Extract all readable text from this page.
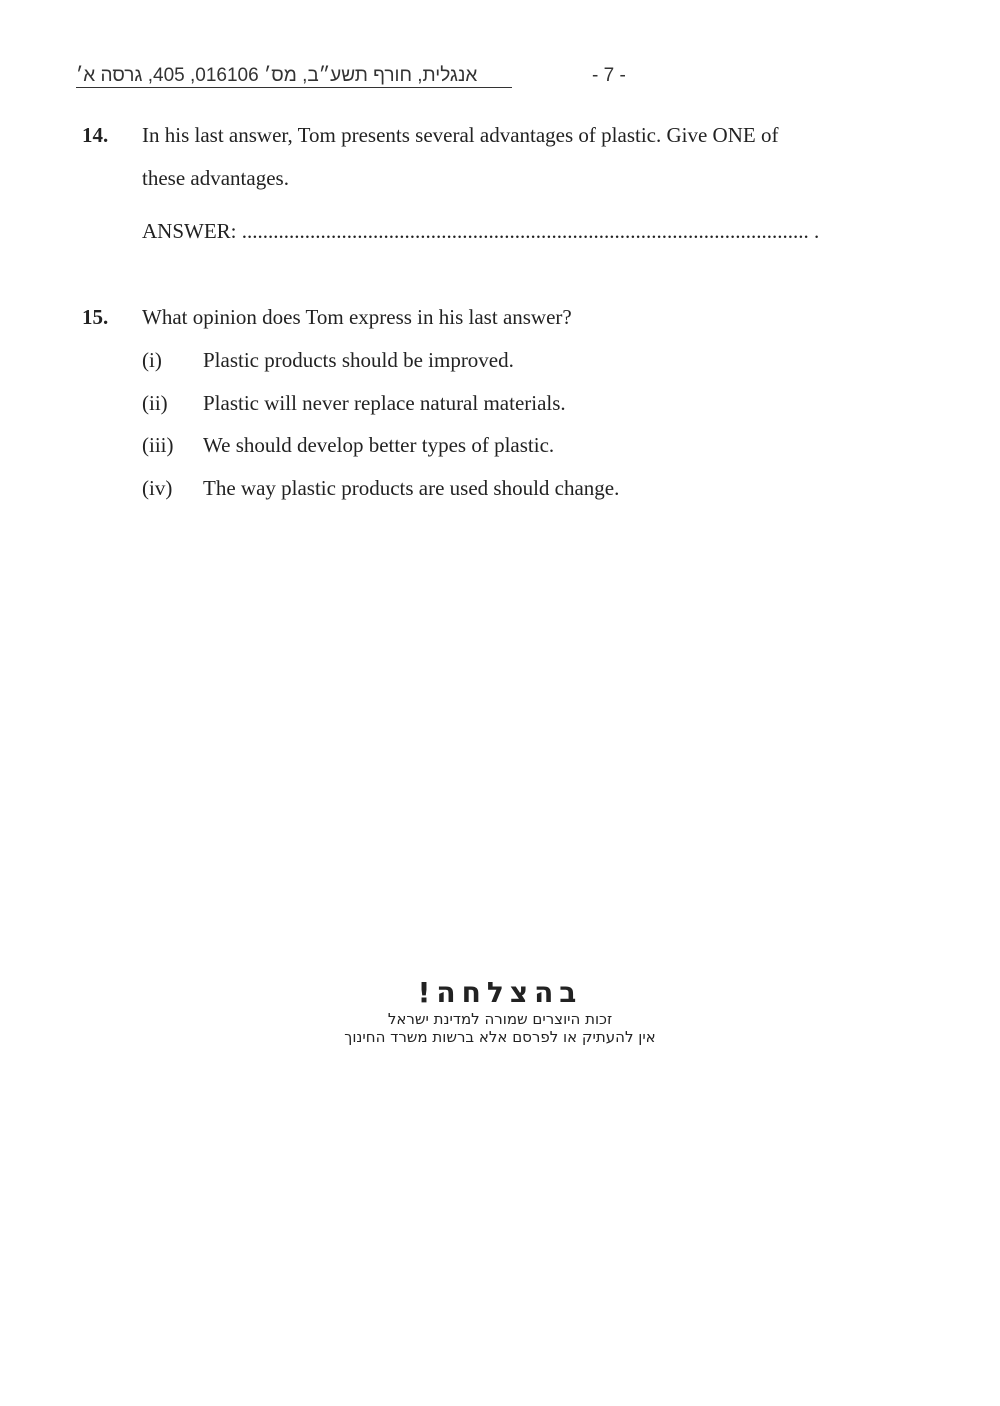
אנגלית, חורף תשע״ב, מס׳ 016106, 405, גרסה א׳	- 7 -
14. In his last answer, Tom presents several advantages of plastic. Give ONE of
these advantages.
ANSWER: ............................................................................................................ .
15. What opinion does Tom express in his last answer?
(i) Plastic products should be improved.
(ii) Plastic will never replace natural materials.
(iii) We should develop better types of plastic.
(iv) The way plastic products are used should change.
בהצלחה!
זכות היוצרים שמורה למדינת ישראל
אין להעתיק או לפרסם אלא ברשות משרד החינוך
